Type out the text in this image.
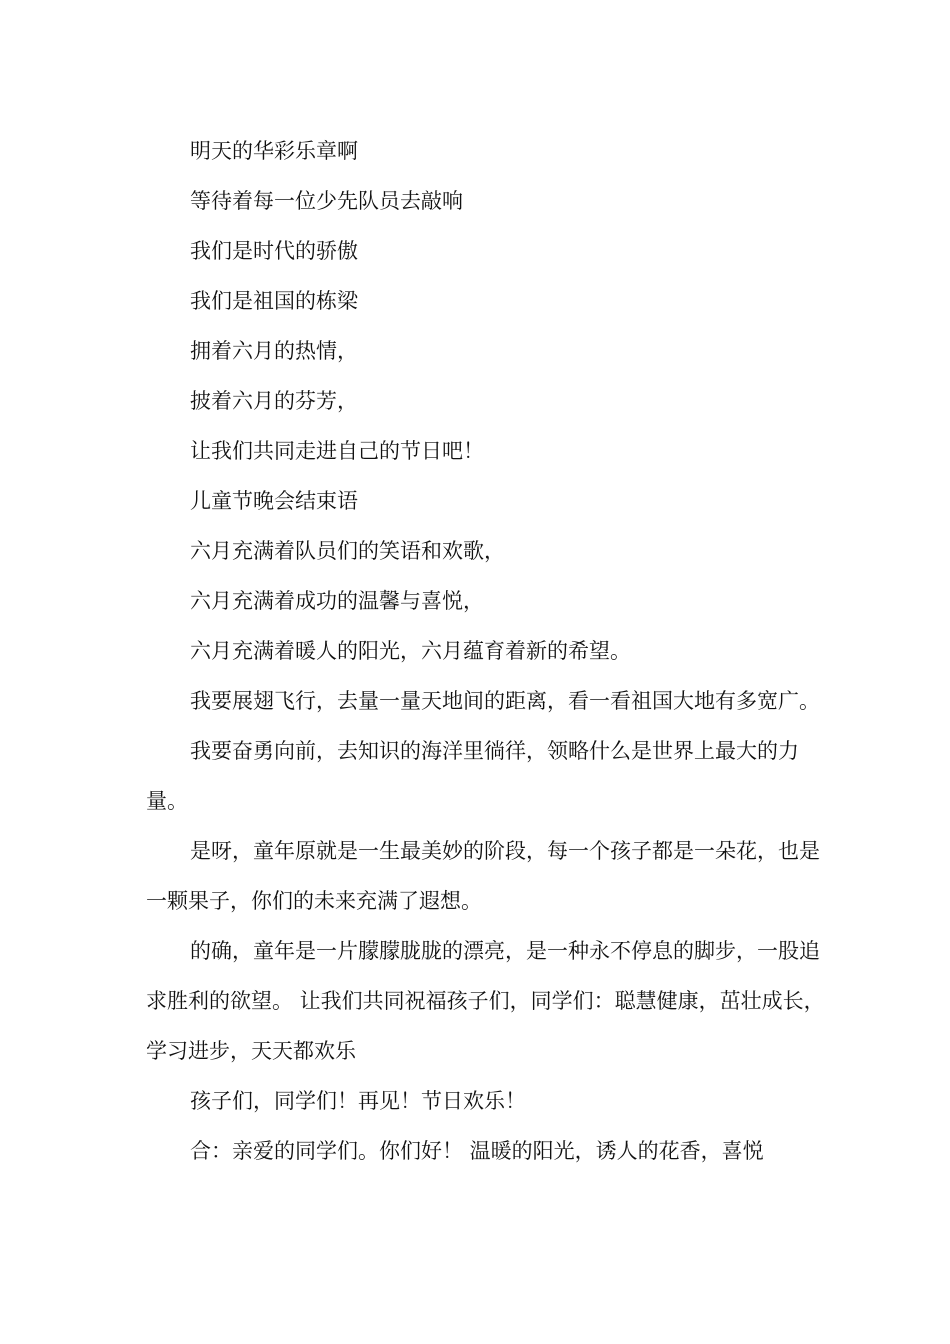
明天的华彩乐章啊

等待着每一位少先队员去敲响

我们是时代的骄傲

我们是祖国的栋梁

拥着六月的热情，

披着六月的芬芳，

让我们共同走进自己的节日吧！

儿童节晚会结束语

六月充满着队员们的笑语和欢歌，

六月充满着成功的温馨与喜悦，

六月充满着暖人的阳光，六月蕴育着新的希望。

我要展翅飞行，去量一量天地间的距离，看一看祖国大地有多宽广。

我要奋勇向前，去知识的海洋里徜徉，领略什么是世界上最大的力量。

是呀，童年原就是一生最美妙的阶段，每一个孩子都是一朵花，也是一颗果子，你们的未来充满了遐想。

的确，童年是一片朦朦胧胧的漂亮，是一种永不停息的脚步，一股追求胜利的欲望。 让我们共同祝福孩子们，同学们：聪慧健康，茁壮成长，学习进步，天天都欢乐

孩子们，同学们！再见！节日欢乐！

合：亲爱的同学们。你们好！ 温暖的阳光，诱人的花香，喜悦
